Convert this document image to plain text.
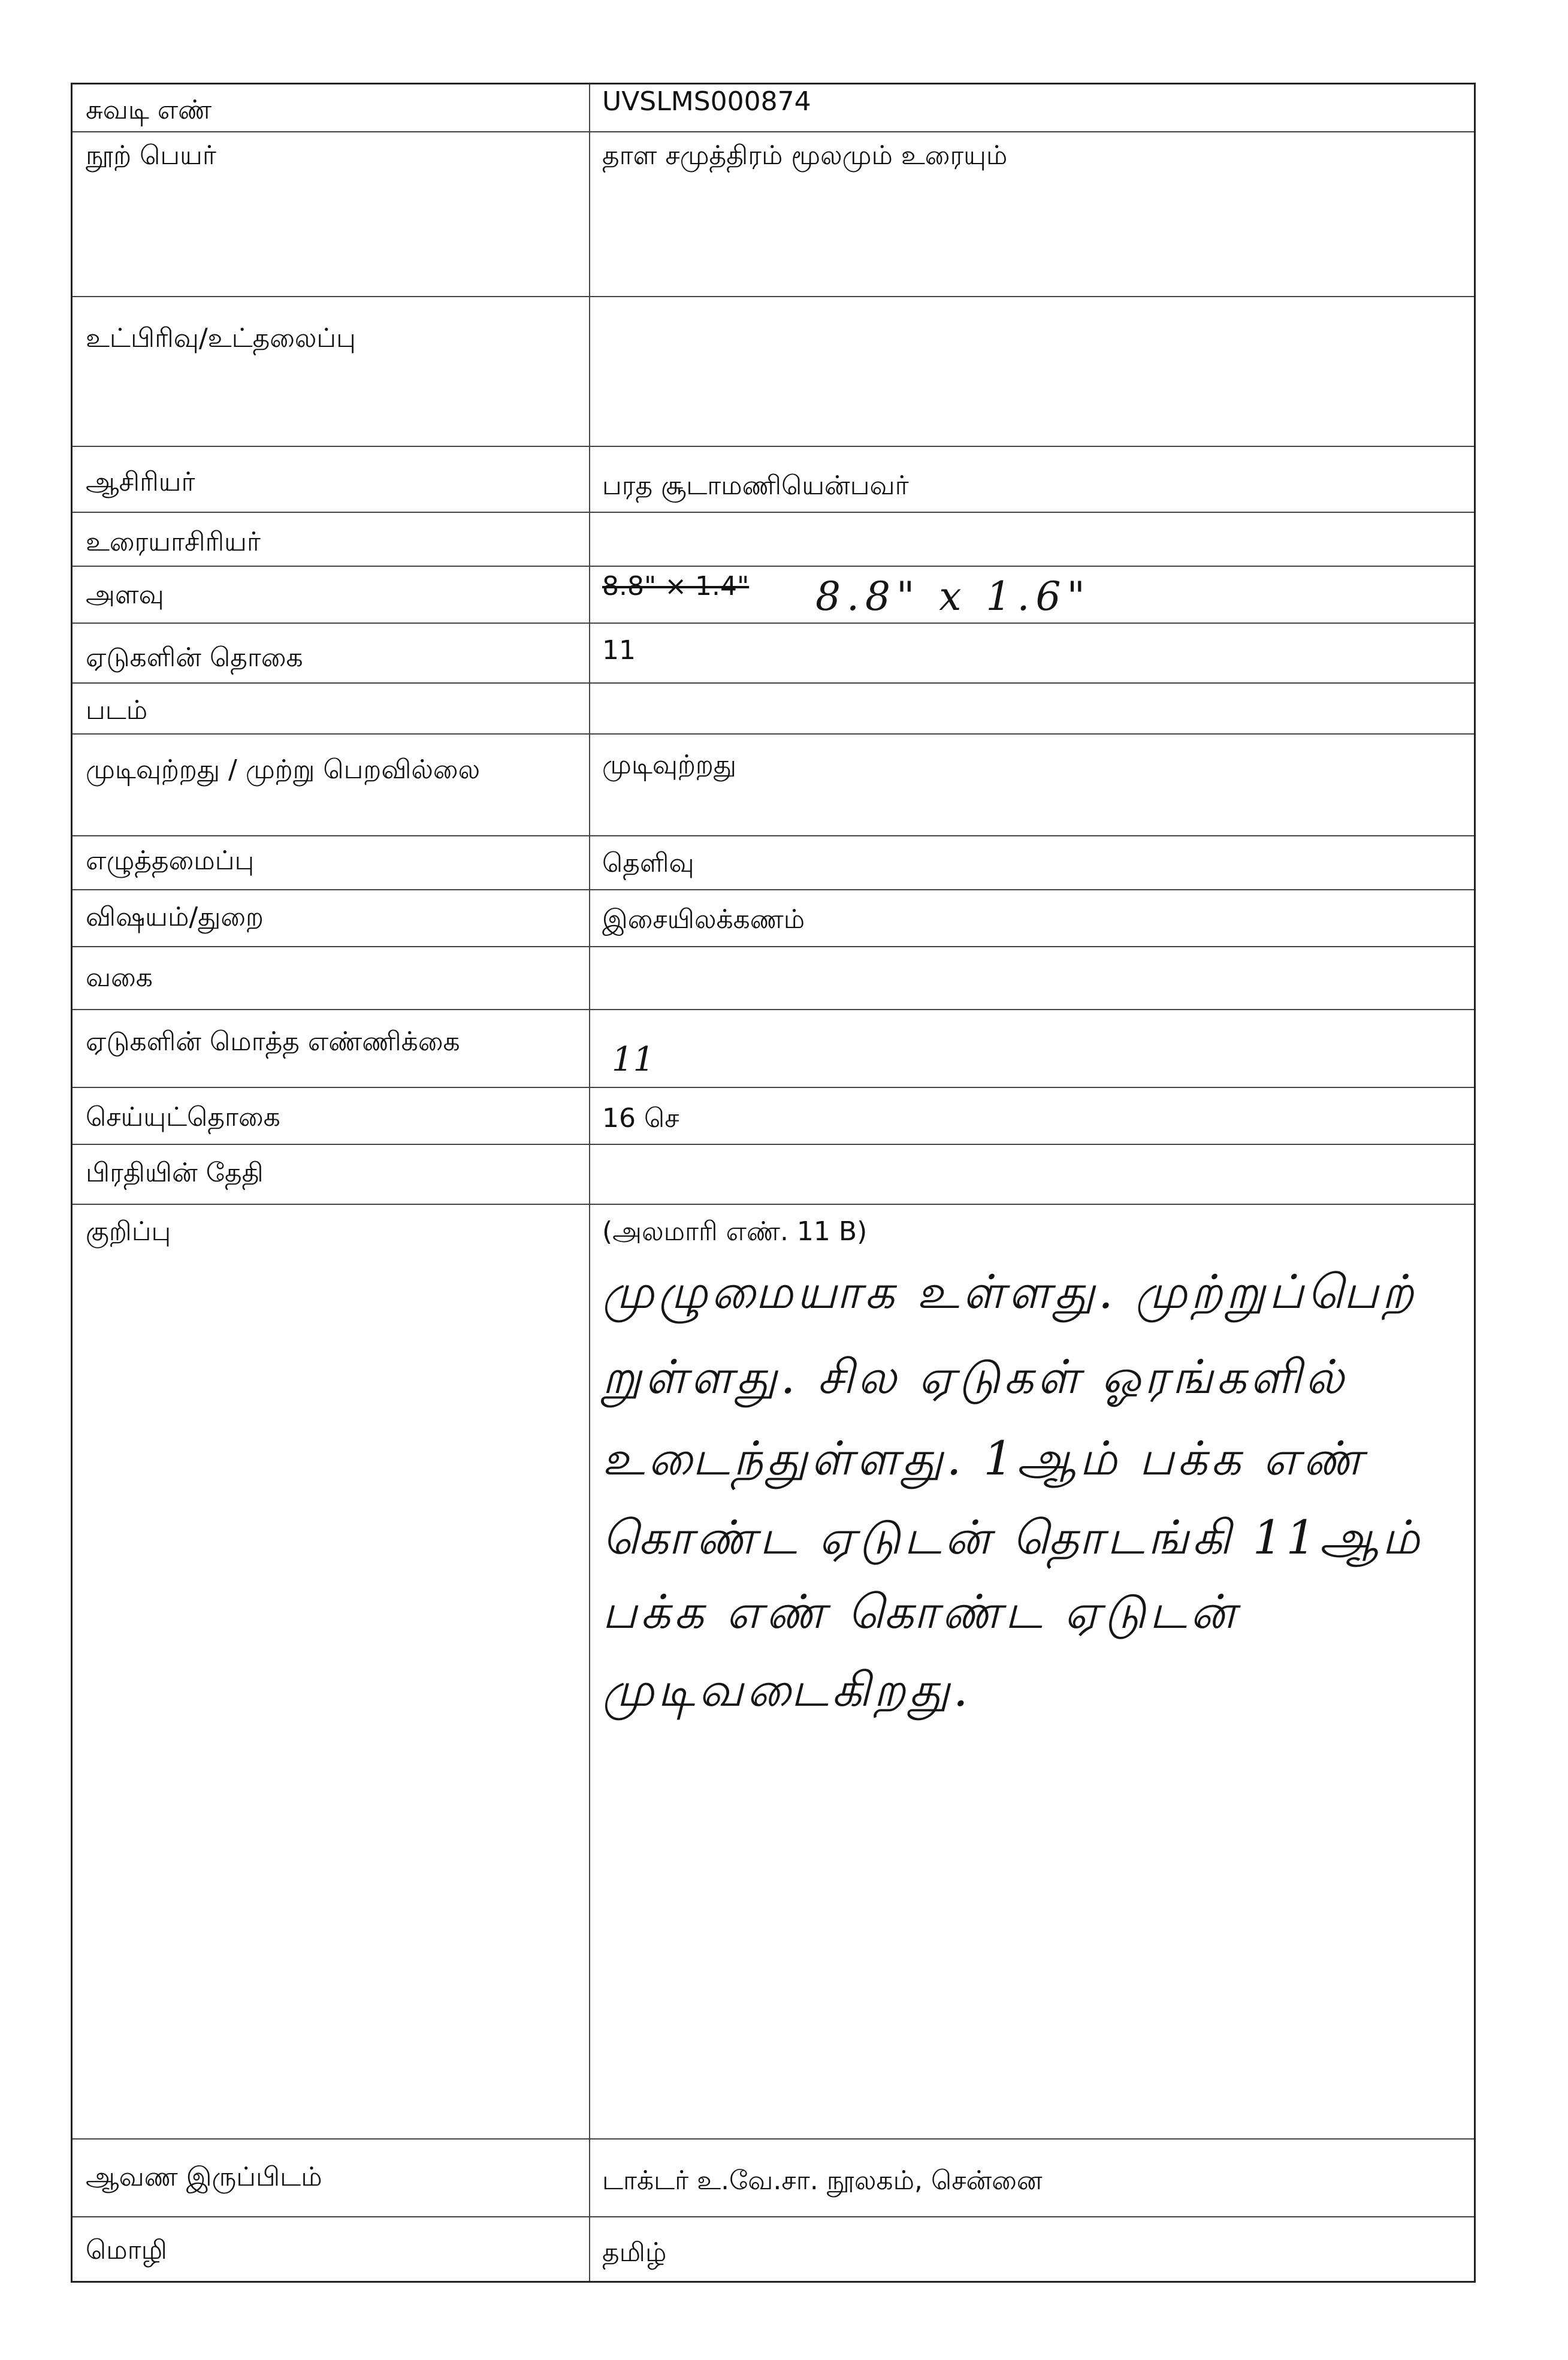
சுவடி எண்	UVSLMS000874
நூற் பெயர்	தாள சமுத்திரம் மூலமும் உரையும்
உட்பிரிவு/உட்தலைப்பு
ஆசிரியர்	பரத சூடாமணியென்பவர்
உரையாசிரியர்
அளவு	8.8" × 1.4" 8.8" x 1.6"
ஏடுகளின் தொகை	11
படம்
முடிவுற்றது / முற்று பெறவில்லை	முடிவுற்றது
எழுத்தமைப்பு	தெளிவு
விஷயம்/துறை	இசையிலக்கணம்
வகை
ஏடுகளின் மொத்த எண்ணிக்கை	11
செய்யுட்தொகை	16 செ
பிரதியின் தேதி
குறிப்பு	(அலமாரி எண். 11 B)
முழுமையாக உள்ளது. முற்றுப்பெற்
றுள்ளது. சில ஏடுகள் ஓரங்களில்
உடைந்துள்ளது. 1ஆம் பக்க எண்
கொண்ட ஏடுடன் தொடங்கி 11ஆம்
பக்க எண் கொண்ட ஏடுடன்
முடிவடைகிறது.
ஆவண இருப்பிடம்	டாக்டர் உ.வே.சா. நூலகம், சென்னை
மொழி	தமிழ்
